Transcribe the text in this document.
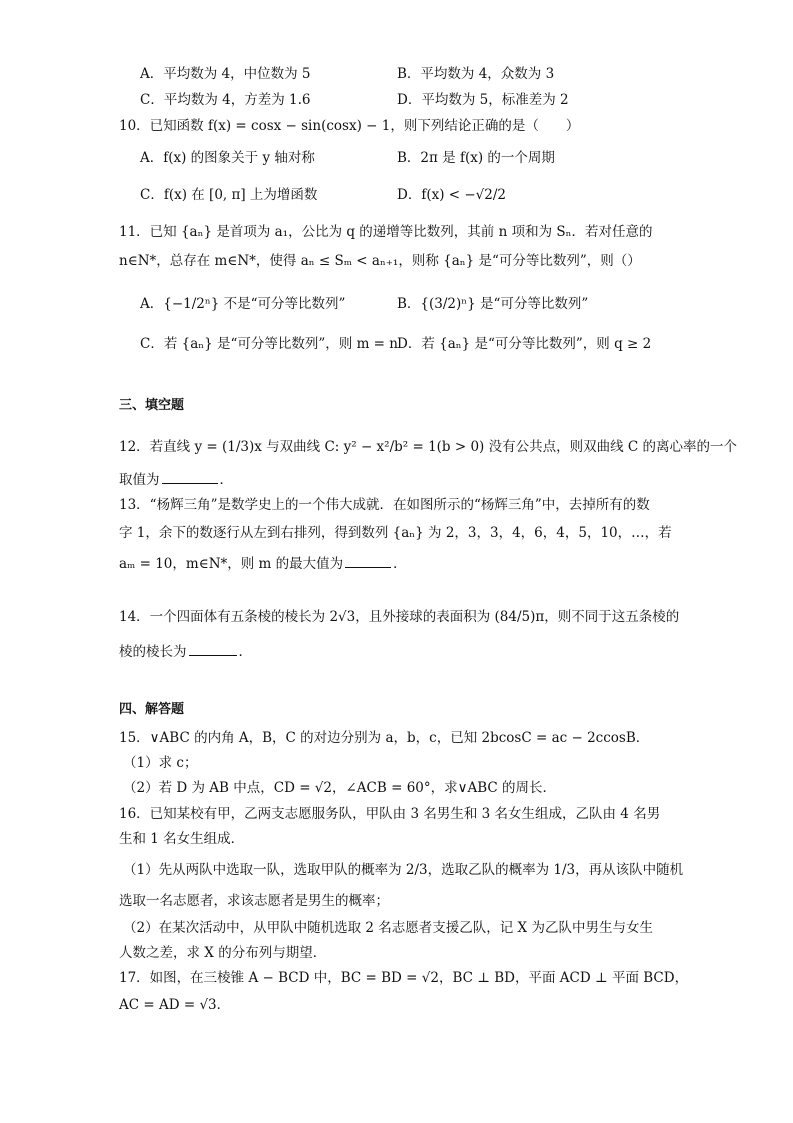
A．平均数为 4，中位数为 5	B．平均数为 4，众数为 3
C．平均数为 4，方差为 1.6	D．平均数为 5，标准差为 2
10．已知函数 f(x) = cosx − sin(cosx) − 1，则下列结论正确的是（　　）
A．f(x) 的图象关于 y 轴对称	B．2π 是 f(x) 的一个周期
C．f(x) 在 [0, π] 上为增函数	D．f(x) < −√2/2
11．已知 {aₙ} 是首项为 a₁，公比为 q 的递增等比数列，其前 n 项和为 Sₙ．若对任意的
n∈N*，总存在 m∈N*，使得 aₙ ≤ Sₘ < aₙ₊₁，则称 {aₙ} 是“可分等比数列”，则（）
A．{−1/2ⁿ} 不是“可分等比数列”	B．{(3/2)ⁿ} 是“可分等比数列”
C．若 {aₙ} 是“可分等比数列”，则 m = n D．若 {aₙ} 是“可分等比数列”，则 q ≥ 2
三、填空题
12．若直线 y = (1/3)x 与双曲线 C: y² − x²/b² = 1(b > 0) 没有公共点，则双曲线 C 的离心率的一个
取值为	．
13．“杨辉三角”是数学史上的一个伟大成就．在如图所示的“杨辉三角”中，去掉所有的数
字 1，余下的数逐行从左到右排列，得到数列 {aₙ} 为 2，3，3，4，6，4，5，10，…，若
aₘ = 10，m∈N*，则 m 的最大值为	．
14．一个四面体有五条棱的棱长为 2√3，且外接球的表面积为 (84/5)π，则不同于这五条棱的
棱的棱长为	．
四、解答题
15．∨ABC 的内角 A，B，C 的对边分别为 a，b，c，已知 2bcosC = ac − 2ccosB．
（1）求 c；
（2）若 D 为 AB 中点，CD = √2，∠ACB = 60°，求∨ABC 的周长．
16．已知某校有甲，乙两支志愿服务队，甲队由 3 名男生和 3 名女生组成，乙队由 4 名男
生和 1 名女生组成．
（1）先从两队中选取一队，选取甲队的概率为 2/3，选取乙队的概率为 1/3，再从该队中随机
选取一名志愿者，求该志愿者是男生的概率；
（2）在某次活动中，从甲队中随机选取 2 名志愿者支援乙队，记 X 为乙队中男生与女生
人数之差，求 X 的分布列与期望．
17．如图，在三棱锥 A − BCD 中，BC = BD = √2，BC ⊥ BD，平面 ACD ⊥ 平面 BCD，
AC = AD = √3．
